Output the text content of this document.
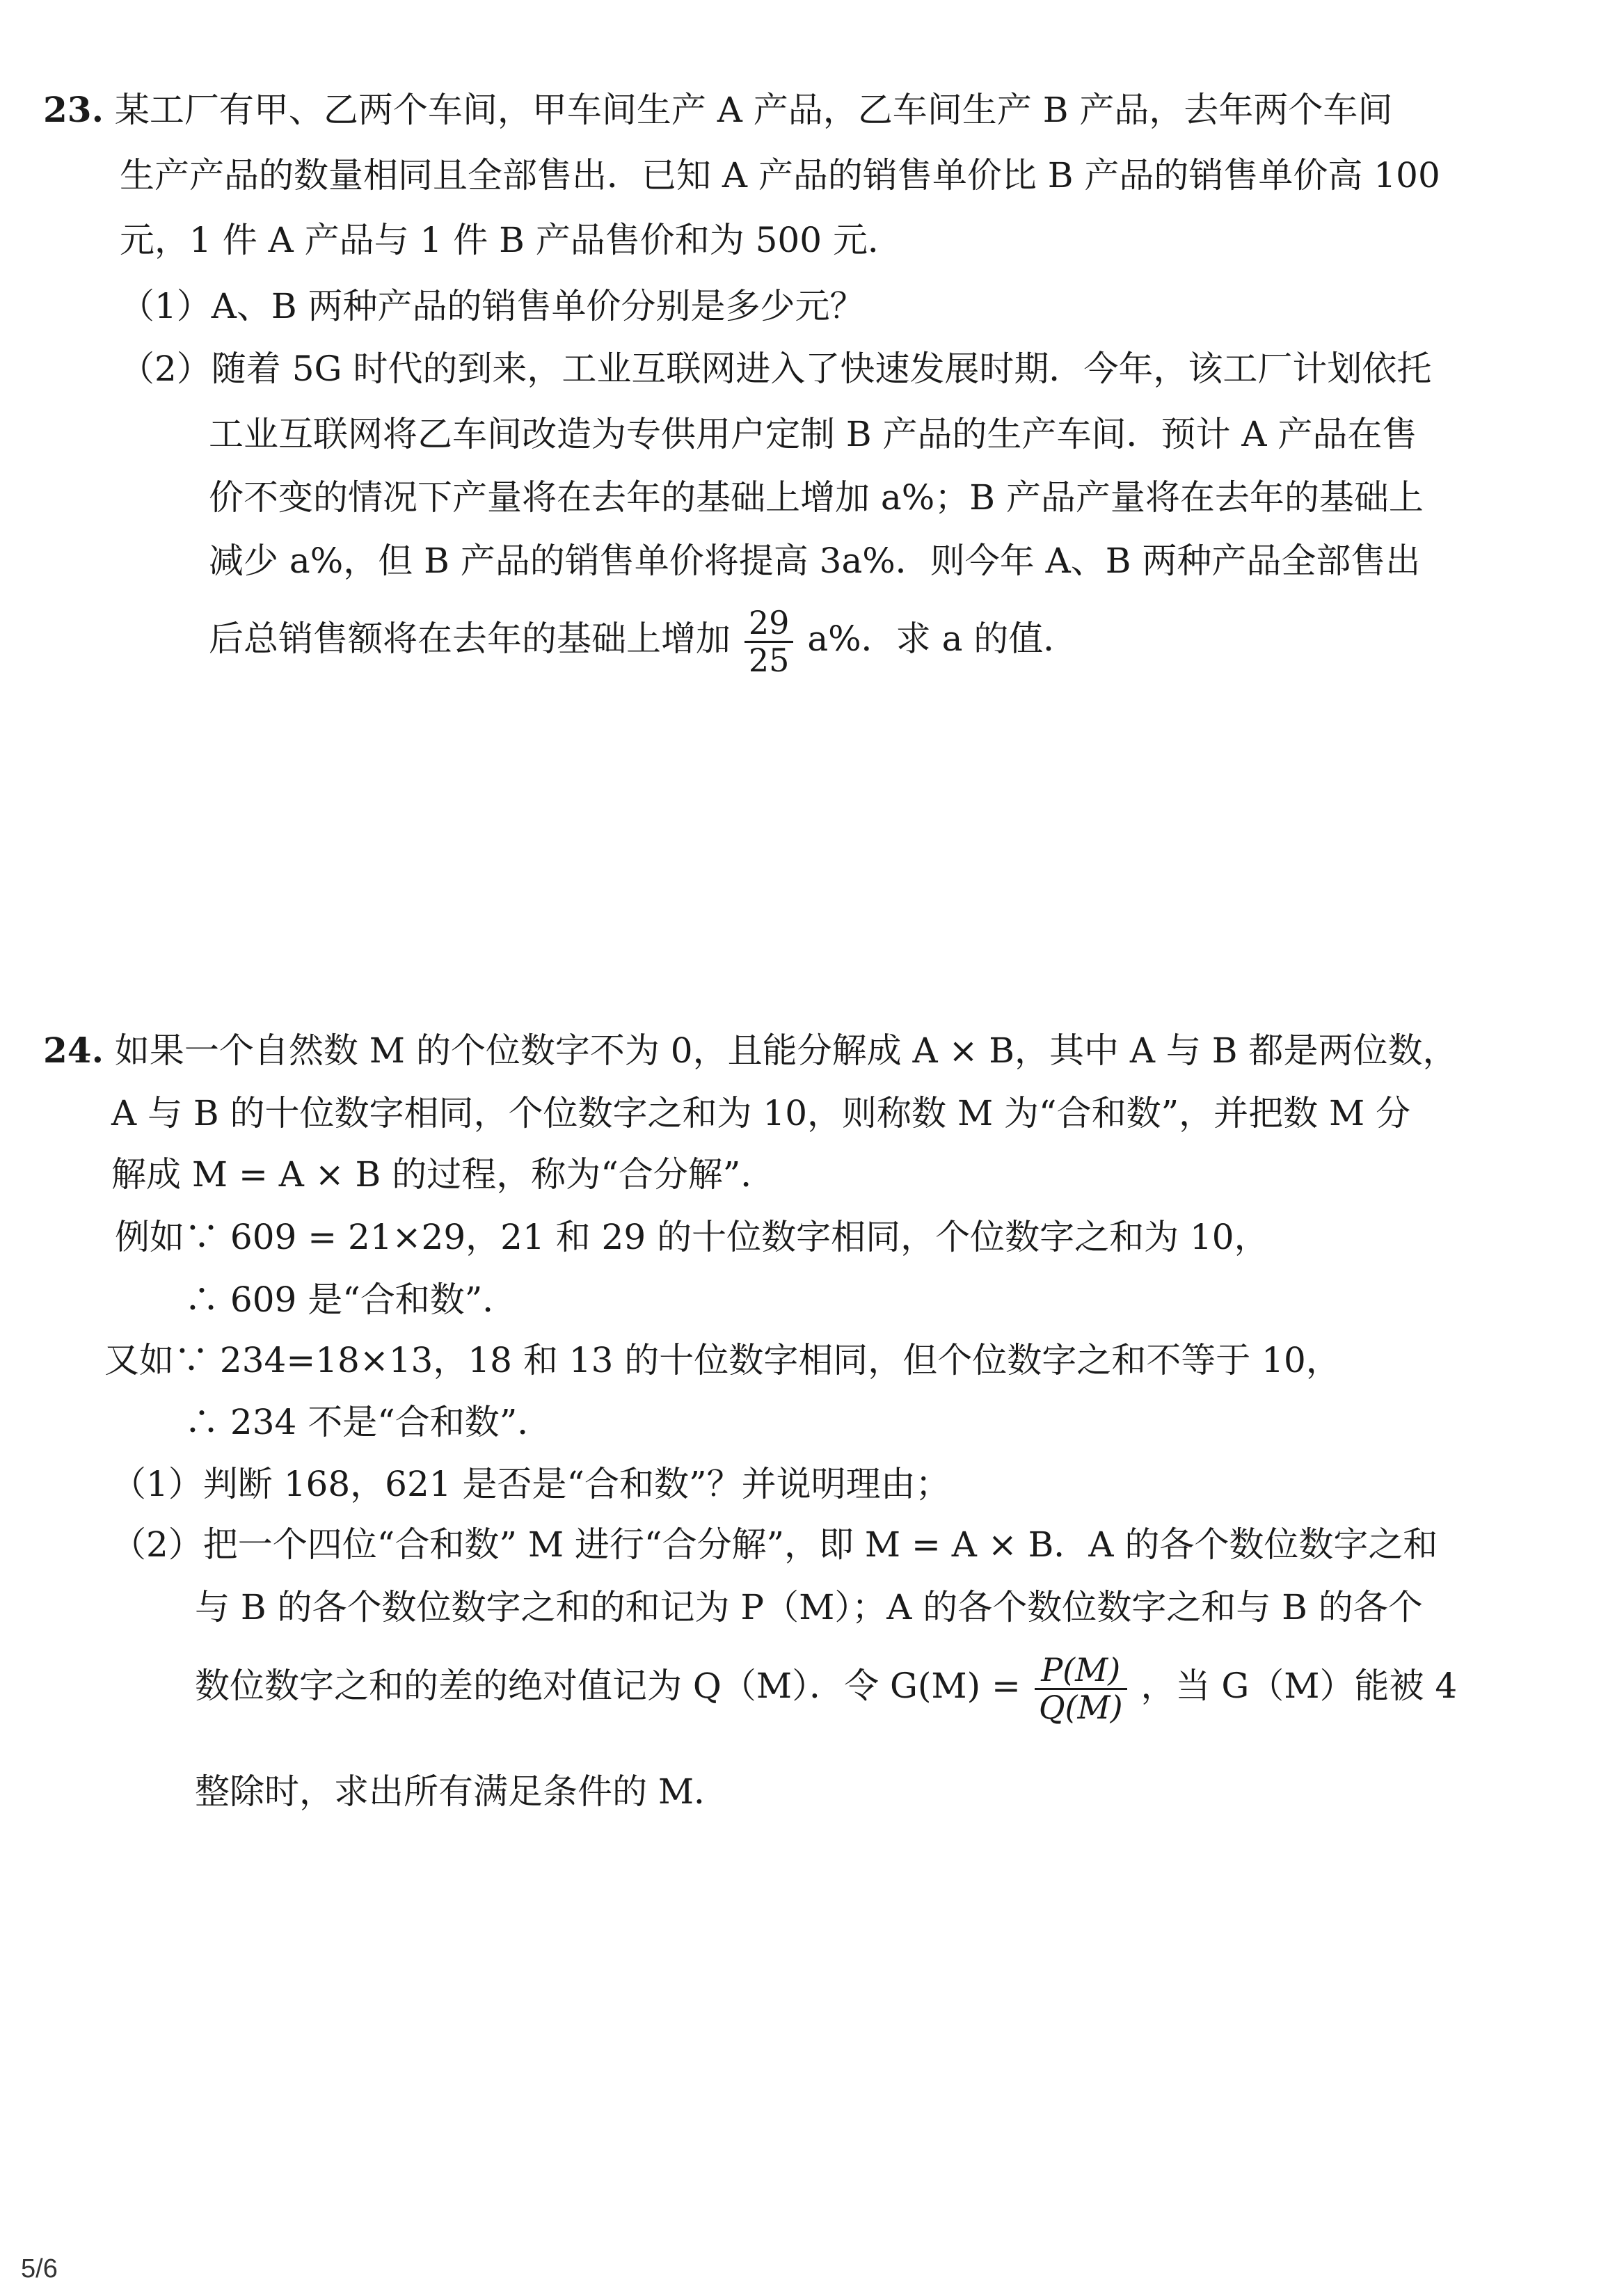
23. 某工厂有甲、乙两个车间，甲车间生产 A 产品，乙车间生产 B 产品，去年两个车间
生产产品的数量相同且全部售出．已知 A 产品的销售单价比 B 产品的销售单价高 100
元，1 件 A 产品与 1 件 B 产品售价和为 500 元．
（1）A、B 两种产品的销售单价分别是多少元？
（2）随着 5G 时代的到来，工业互联网进入了快速发展时期．今年，该工厂计划依托
工业互联网将乙车间改造为专供用户定制 B 产品的生产车间．预计 A 产品在售
价不变的情况下产量将在去年的基础上增加 a%；B 产品产量将在去年的基础上
减少 a%，但 B 产品的销售单价将提高 3a%．则今年 A、B 两种产品全部售出
后总销售额将在去年的基础上增加 $\frac{29}{25} a\%$．求 a 的值．
24. 如果一个自然数 M 的个位数字不为 0，且能分解成 A × B，其中 A 与 B 都是两位数，
A 与 B 的十位数字相同，个位数字之和为 10，则称数 M 为“合和数”，并把数 M 分
解成 M = A × B 的过程，称为“合分解”．
例如∵ 609 = 21×29，21 和 29 的十位数字相同，个位数字之和为 10，
∴ 609 是“合和数”．
又如∵ 234=18×13，18 和 13 的十位数字相同，但个位数字之和不等于 10，
∴ 234 不是“合和数”．
（1）判断 168，621 是否是“合和数”？并说明理由；
（2）把一个四位“合和数” M 进行“合分解”，即 M = A × B．A 的各个数位数字之和
与 B 的各个数位数字之和的和记为 P（M）；A 的各个数位数字之和与 B 的各个
数位数字之和的差的绝对值记为 Q（M）．令 $G(M) = \frac{P(M)}{Q(M)}$ ，当 G（M）能被 4
整除时，求出所有满足条件的 M．
5/6
